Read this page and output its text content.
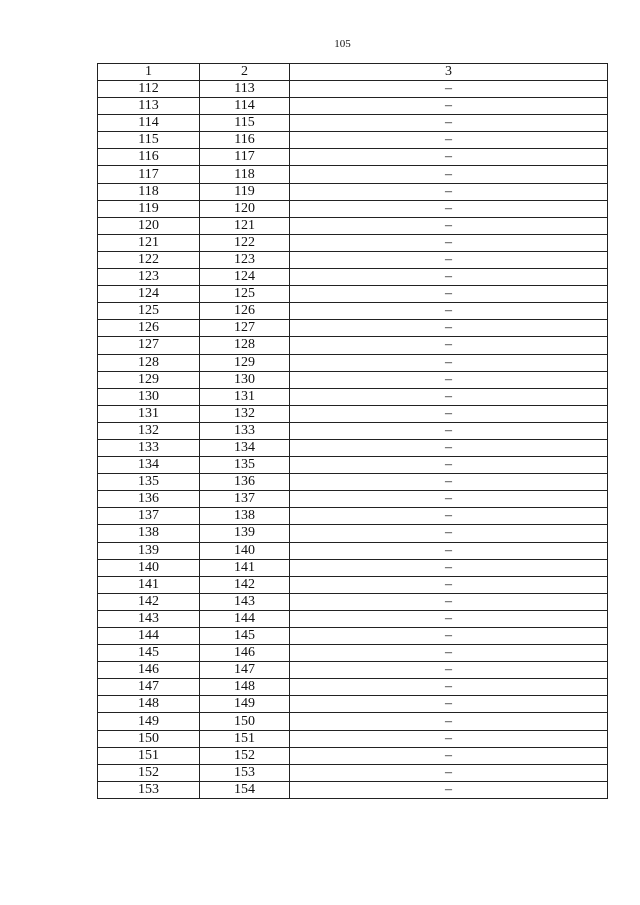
105
1	2	3
112	113	–
113	114	–
114	115	–
115	116	–
116	117	–
117	118	–
118	119	–
119	120	–
120	121	–
121	122	–
122	123	–
123	124	–
124	125	–
125	126	–
126	127	–
127	128	–
128	129	–
129	130	–
130	131	–
131	132	–
132	133	–
133	134	–
134	135	–
135	136	–
136	137	–
137	138	–
138	139	–
139	140	–
140	141	–
141	142	–
142	143	–
143	144	–
144	145	–
145	146	–
146	147	–
147	148	–
148	149	–
149	150	–
150	151	–
151	152	–
152	153	–
153	154	–
